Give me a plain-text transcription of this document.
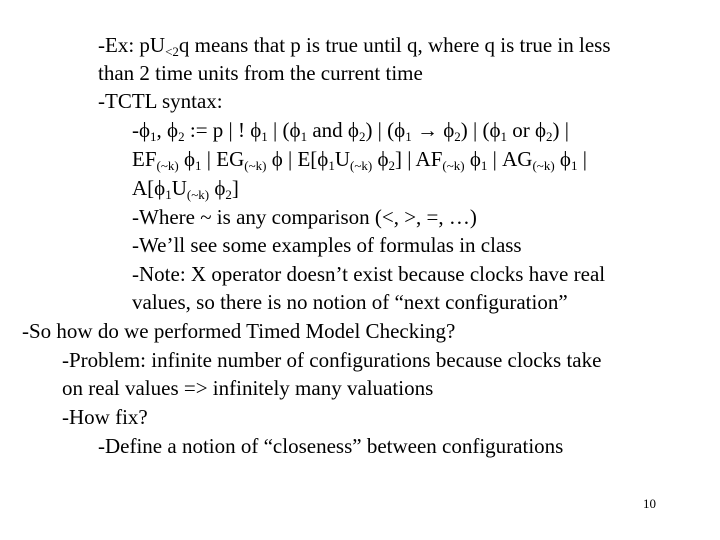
-Ex: $pU_{<2}q$ means that p is true until q, where q is true in less
than 2 time units from the current time
-TCTL syntax:
$-\phi_1$, $\phi_2$ := p | ! $\phi_1$ | ($\phi_1$ and $\phi_2$) | $(\phi_1 \to \phi_2)$ | ($\phi_1$ or $\phi_2$) |
$EF_{(\sim k)}$ $\phi_1$ | $EG_{(\sim k)}$ ϕ | $E[\phi_1U_{(\sim k)}$ $\phi_2$] | $AF_{(\sim k)}$ $\phi_1$ | $AG_{(\sim k)}$ $\phi_1$ |
$A[\phi_1U_{(\sim k)}$ $\phi_2$]
-Where ~ is any comparison (<, >, =, …)
-We’ll see some examples of formulas in class
-Note: X operator doesn’t exist because clocks have real
values, so there is no notion of “next configuration”
-So how do we performed Timed Model Checking?
-Problem: infinite number of configurations because clocks take
on real values => infinitely many valuations
-How fix?
-Define a notion of “closeness” between configurations
10
